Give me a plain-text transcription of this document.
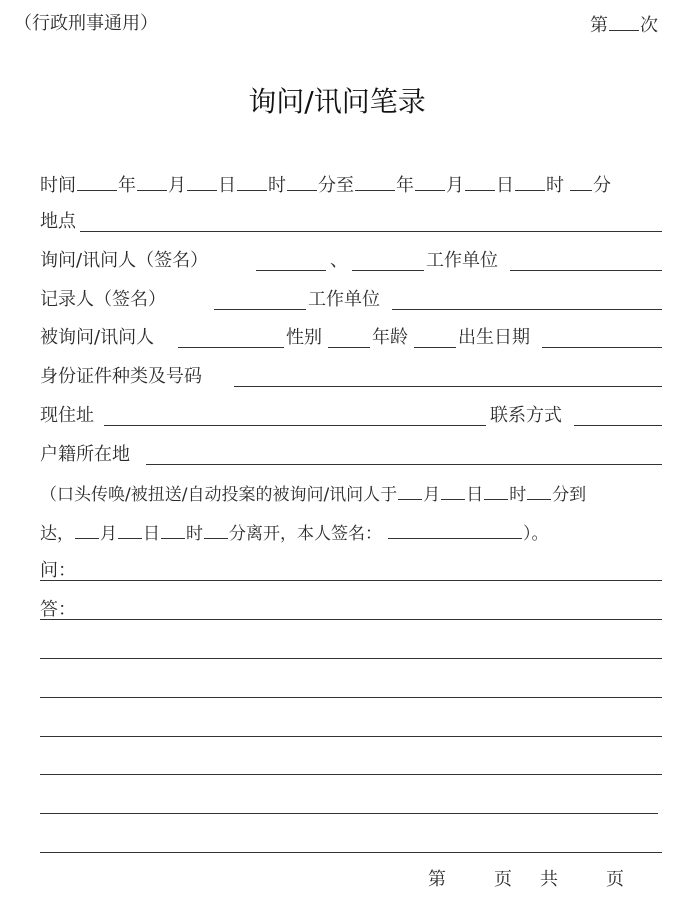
（行政刑事通用）	第 次
询问/讯问笔录
时间 年 月 日 时 分至 年 月 日 时 分
地点
询问/讯问人（签名）	、	工作单位
记录人（签名）	工作单位
被询问/讯问人	性别	年龄	出生日期
身份证件种类及号码
现住址	联系方式
户籍所在地
（口头传唤/被扭送/自动投案的被询问/讯问人于 月 日 时 分到
达， 月 日 时 分离开，本人签名：	）。
问：
答：
第	页 共	页
